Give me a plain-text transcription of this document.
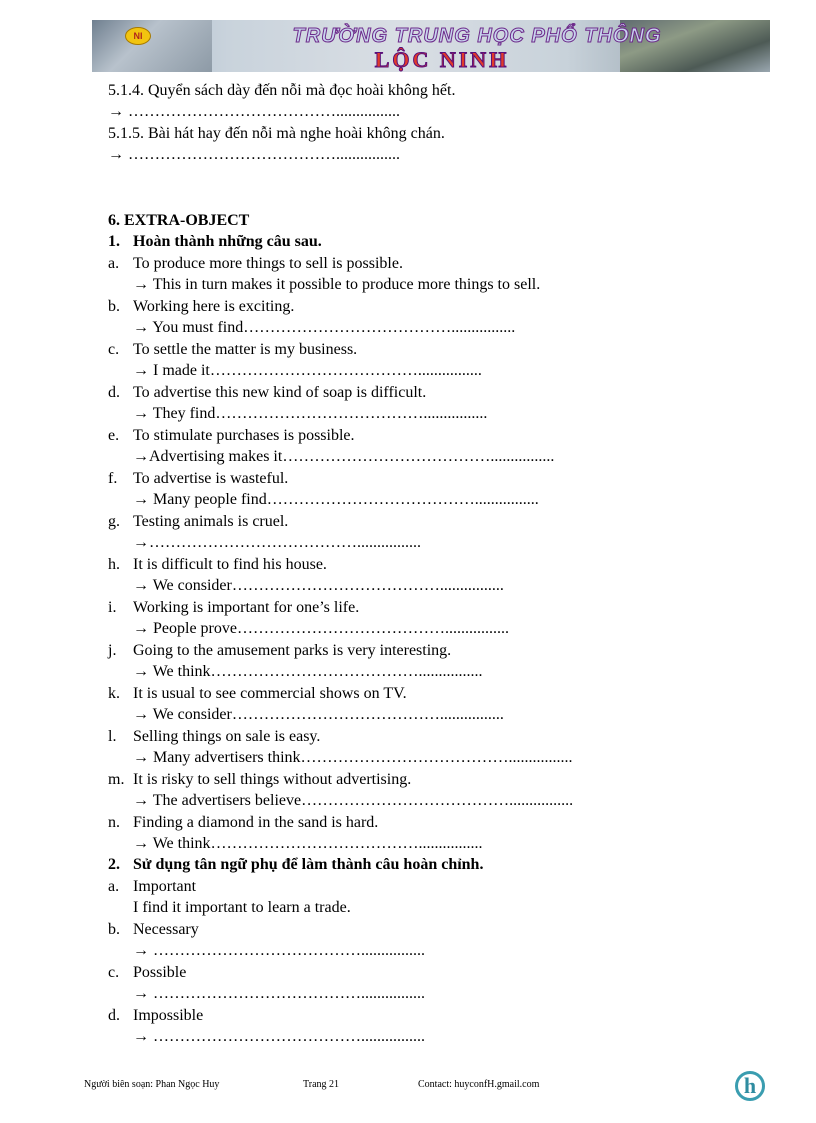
NI	TRƯỜNG TRUNG HỌC PHỔ THÔNG
LỘC NINH
5.1.4. Quyển sách dày đến nỗi mà đọc hoài không hết.
→ …………………………………................
5.1.5. Bài hát hay đến nỗi mà nghe hoài không chán.
→ …………………………………................
6. EXTRA-OBJECT
1. Hoàn thành những câu sau.
a. To produce more things to sell is possible.
→ This in turn makes it possible to produce more things to sell.
b. Working here is exciting.
→ You must find…………………………………................
c. To settle the matter is my business.
→ I made it…………………………………................
d. To advertise this new kind of soap is difficult.
→ They find…………………………………................
e. To stimulate purchases is possible.
→Advertising makes it…………………………………................
f. To advertise is wasteful.
→ Many people find…………………………………................
g. Testing animals is cruel.
→…………………………………................
h. It is difficult to find his house.
→ We consider…………………………………................
i. Working is important for one’s life.
→ People prove…………………………………................
j. Going to the amusement parks is very interesting.
→ We think…………………………………................
k. It is usual to see commercial shows on TV.
→ We consider…………………………………................
l. Selling things on sale is easy.
→ Many advertisers think…………………………………................
m. It is risky to sell things without advertising.
→ The advertisers believe…………………………………................
n. Finding a diamond in the sand is hard.
→ We think…………………………………................
2. Sử dụng tân ngữ phụ để làm thành câu hoàn chỉnh.
a. Important
I find it important to learn a trade.
b. Necessary
→ …………………………………................
c. Possible
→ …………………………………................
d. Impossible
→ …………………………………................
Người biên soạn: Phan Ngọc Huy	Trang 21	Contact: huyconfH.gmail.com	h
